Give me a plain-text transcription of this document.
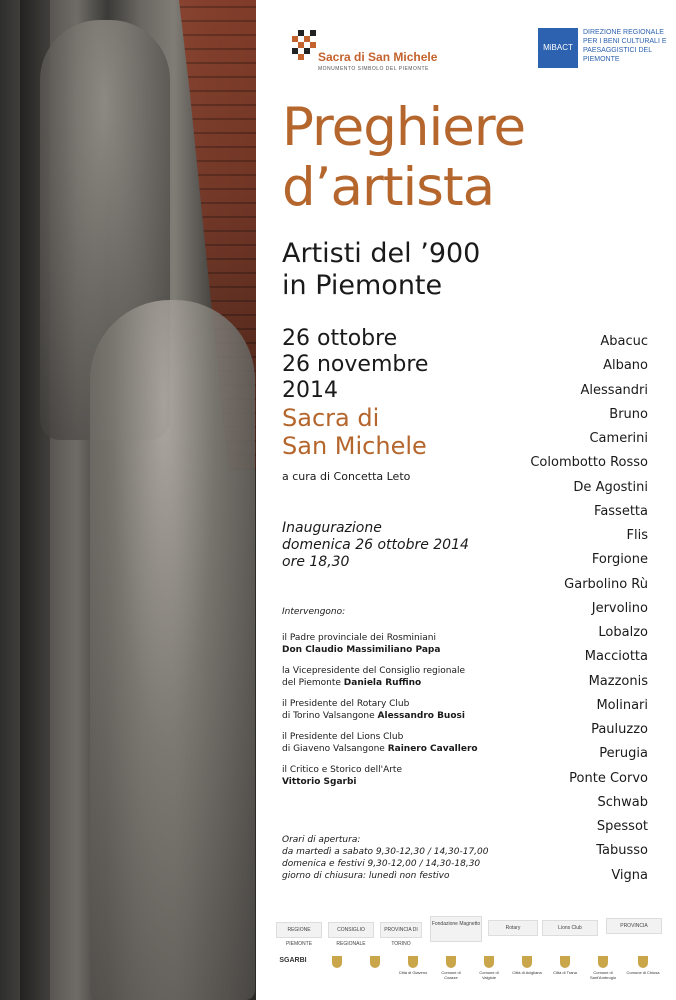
Sacra di San Michele
MONUMENTO SIMBOLO DEL PIEMONTE
MiBACT
DIREZIONE REGIONALE PER I BENI CULTURALI E PAESAGGISTICI DEL PIEMONTE
Preghiere
d’artista
Artisti del ’900
in Piemonte
26 ottobre
26 novembre
2014
Sacra di
San Michele
a cura di Concetta Leto
Inaugurazione
domenica 26 ottobre 2014
ore 18,30
Intervengono:
il Padre provinciale dei Rosminiani
Don Claudio Massimiliano Papa
la Vicepresidente del Consiglio regionale
del Piemonte Daniela Ruffino
il Presidente del Rotary Club
di Torino Valsangone Alessandro Buosi
il Presidente del Lions Club
di Giaveno Valsangone Rainero Cavallero
il Critico e Storico dell'Arte
Vittorio Sgarbi
Orari di apertura:
da martedì a sabato 9,30-12,30 / 14,30-17,00
domenica e festivi 9,30-12,00 / 14,30-18,30
giorno di chiusura: lunedì non festivo
Abacuc
Albano
Alessandri
Bruno
Camerini
Colombotto Rosso
De Agostini
Fassetta
Flis
Forgione
Garbolino Rù
Jervolino
Lobalzo
Macciotta
Mazzonis
Molinari
Pauluzzo
Perugia
Ponte Corvo
Schwab
Spessot
Tabusso
Vigna
REGIONE PIEMONTE
CONSIGLIO REGIONALE
PROVINCIA DI TORINO
Fondazione Magnetto
Rotary	Lions Club	PROVINCIA
SGARBI
Città di Giaveno	Comune di Coazze
Comune di Valgioie
Città di Avigliana	Città di Trana	Comune di Sant'Ambrogio
Comune di Chiusa
